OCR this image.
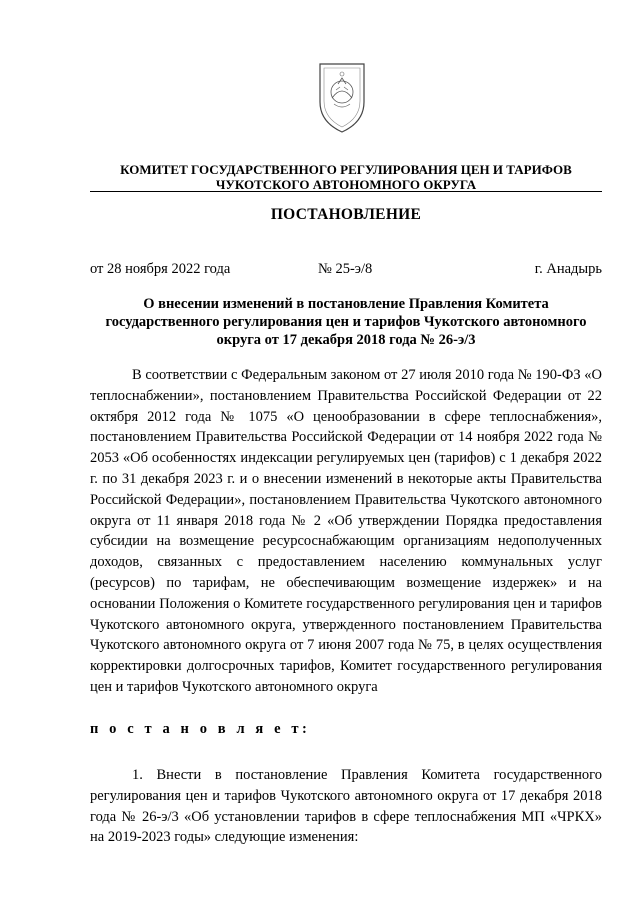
КОМИТЕТ ГОСУДАРСТВЕННОГО РЕГУЛИРОВАНИЯ ЦЕН И ТАРИФОВ
ЧУКОТСКОГО АВТОНОМНОГО ОКРУГА
ПОСТАНОВЛЕНИЕ
от 28 ноября 2022 года	№ 25-э/8	г. Анадырь
О внесении изменений в постановление Правления Комитета государственного регулирования цен и тарифов Чукотского автономного округа от 17 декабря 2018 года № 26-э/3

В соответствии с Федеральным законом от 27 июля 2010 года № 190-ФЗ «О теплоснабжении», постановлением Правительства Российской Федерации от 22 октября 2012 года № 1075 «О ценообразовании в сфере теплоснабжения», постановлением Правительства Российской Федерации от 14 ноября 2022 года № 2053 «Об особенностях индексации регулируемых цен (тарифов) с 1 декабря 2022 г. по 31 декабря 2023 г. и о внесении изменений в некоторые акты Правительства Российской Федерации», постановлением Правительства Чукотского автономного округа от 11 января 2018 года № 2 «Об утверждении Порядка предоставления субсидии на возмещение ресурсоснабжающим организациям недополученных доходов, связанных с предоставлением населению коммунальных услуг (ресурсов) по тарифам, не обеспечивающим возмещение издержек» и на основании Положения о Комитете государственного регулирования цен и тарифов Чукотского автономного округа, утвержденного постановлением Правительства Чукотского автономного округа от 7 июня 2007 года № 75, в целях осуществления корректировки долгосрочных тарифов, Комитет государственного регулирования цен и тарифов Чукотского автономного округа

п о с т а н о в л я е т:

1. Внести в постановление Правления Комитета государственного регулирования цен и тарифов Чукотского автономного округа от 17 декабря 2018 года № 26-э/3 «Об установлении тарифов в сфере теплоснабжения МП «ЧРКХ» на 2019-2023 годы» следующие изменения:
